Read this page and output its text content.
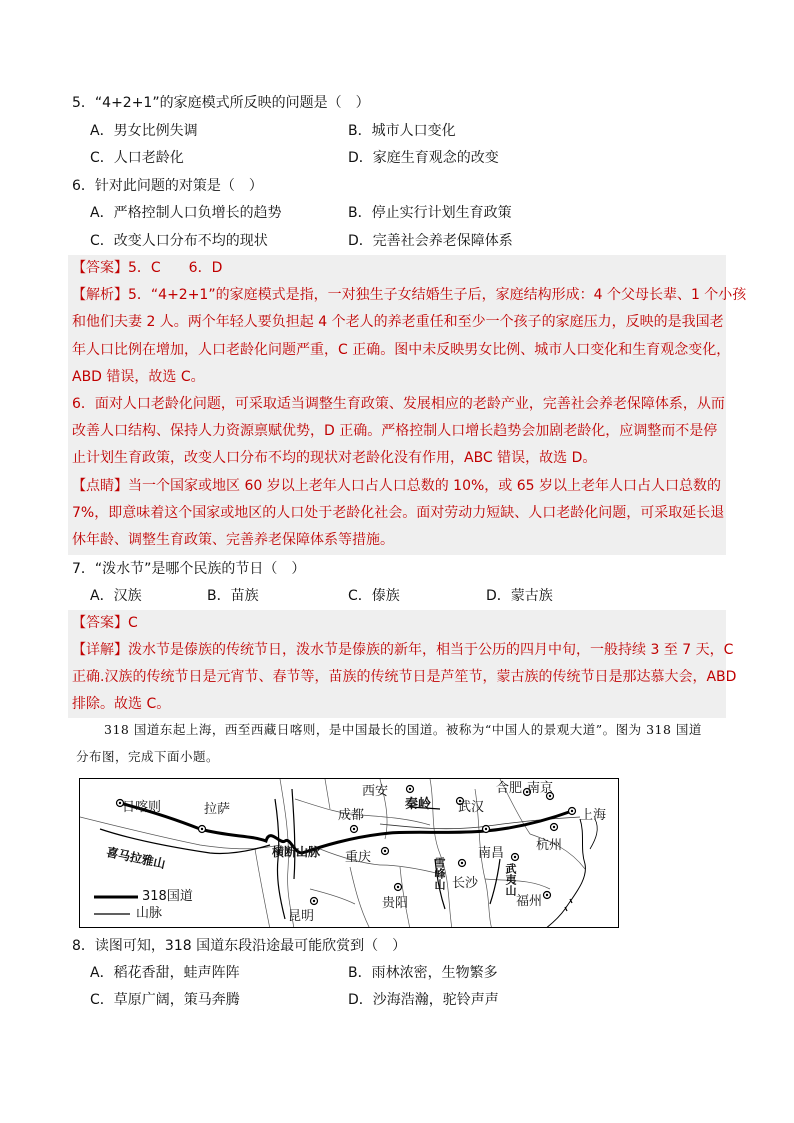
5．“4+2+1”的家庭模式所反映的问题是（　）
A．男女比例失调	B．城市人口变化
C．人口老龄化	D．家庭生育观念的改变
6．针对此问题的对策是（　）
A．严格控制人口负增长的趋势	B．停止实行计划生育政策
C．改变人口分布不均的现状	D．完善社会养老保障体系
【答案】5．C　　6．D
【解析】5．“4+2+1”的家庭模式是指，一对独生子女结婚生子后，家庭结构形成：4 个父母长辈、1 个小孩
和他们夫妻 2 人。两个年轻人要负担起 4 个老人的养老重任和至少一个孩子的家庭压力，反映的是我国老
年人口比例在增加，人口老龄化问题严重，C 正确。图中未反映男女比例、城市人口变化和生育观念变化，
ABD 错误，故选 C。
6．面对人口老龄化问题，可采取适当调整生育政策、发展相应的老龄产业，完善社会养老保障体系，从而
改善人口结构、保持人力资源禀赋优势，D 正确。严格控制人口增长趋势会加剧老龄化，应调整而不是停
止计划生育政策，改变人口分布不均的现状对老龄化没有作用，ABC 错误，故选 D。
【点睛】当一个国家或地区 60 岁以上老年人口占人口总数的 10%，或 65 岁以上老年人口占人口总数的
7%，即意味着这个国家或地区的人口处于老龄化社会。面对劳动力短缺、人口老龄化问题，可采取延长退
休年龄、调整生育政策、完善养老保障体系等措施。
7．“泼水节”是哪个民族的节日（　）
A．汉族	B．苗族	C．傣族	D．蒙古族
【答案】C
【详解】泼水节是傣族的传统节日，泼水节是傣族的新年，相当于公历的四月中旬，一般持续 3 至 7 天，C
正确.汉族的传统节日是元宵节、春节等，苗族的传统节日是芦笙节，蒙古族的传统节日是那达慕大会，ABD
排除。故选 C。
318 国道东起上海，西至西藏日喀则，是中国最长的国道。被称为“中国人的景观大道”。图为 318 国道
分布图，完成下面小题。
日喀则	拉萨	成都
西安
秦岭
合肥 南京
武汉
上海
重庆
杭州
南昌
长沙
贵阳
昆明
福州
喜马拉雅山	横断山脉
雪峰山	武夷山
318国道
山脉
8．读图可知，318 国道东段沿途最可能欣赏到（　）
A．稻花香甜，蛙声阵阵	B．雨林浓密，生物繁多
C．草原广阔，策马奔腾	D．沙海浩瀚，驼铃声声
